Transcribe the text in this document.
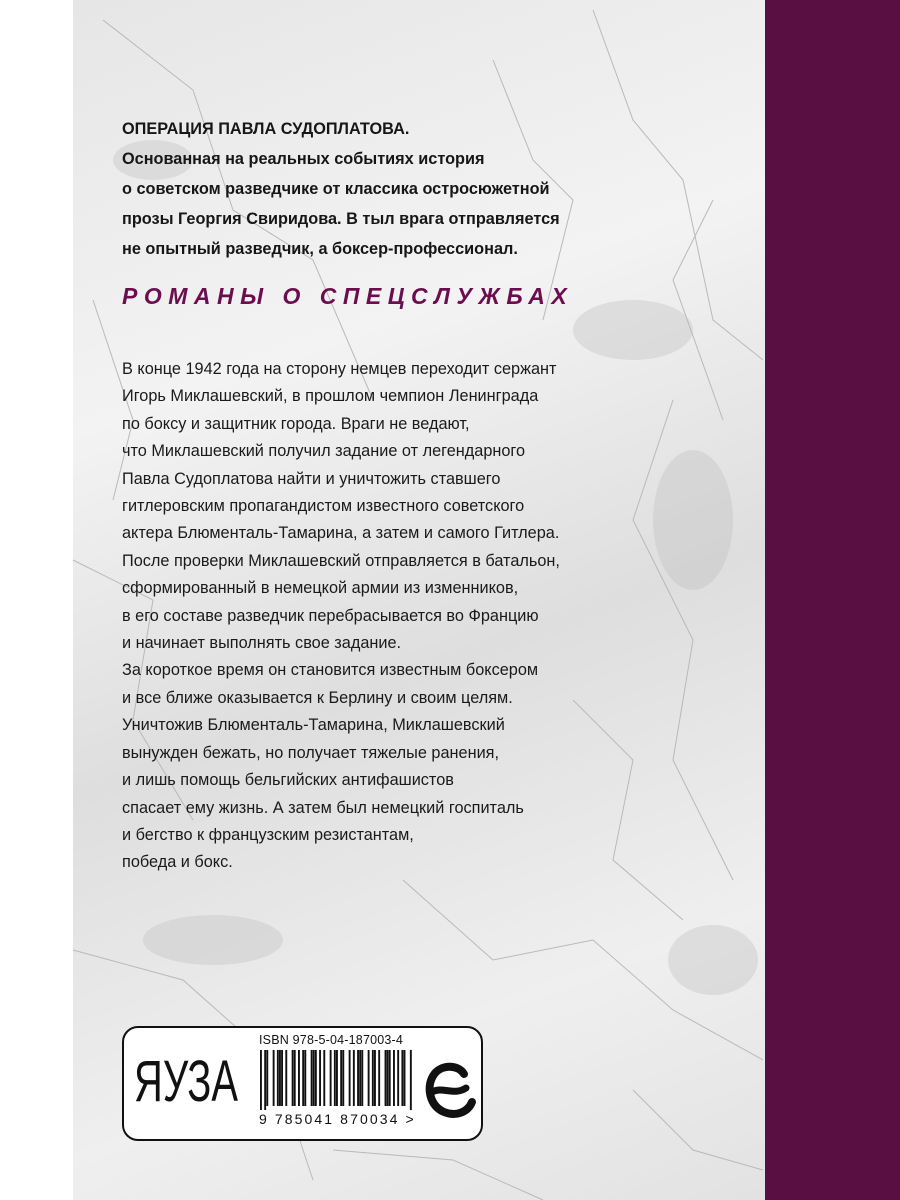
ОПЕРАЦИЯ ПАВЛА СУДОПЛАТОВА.
Основанная на реальных событиях история
о советском разведчике от классика остросюжетной
прозы Георгия Свиридова. В тыл врага отправляется
не опытный разведчик, а боксер-профессионал.
РОМАНЫ О СПЕЦСЛУЖБАХ
В конце 1942 года на сторону немцев переходит сержант
Игорь Миклашевский, в прошлом чемпион Ленинграда
по боксу и защитник города. Враги не ведают,
что Миклашевский получил задание от легендарного
Павла Судоплатова найти и уничтожить ставшего
гитлеровским пропагандистом известного советского
актера Блюменталь-Тамарина, а затем и самого Гитлера.
После проверки Миклашевский отправляется в батальон,
сформированный в немецкой армии из изменников,
в его составе разведчик перебрасывается во Францию
и начинает выполнять свое задание.
За короткое время он становится известным боксером
и все ближе оказывается к Берлину и своим целям.
Уничтожив Блюменталь-Тамарина, Миклашевский
вынужден бежать, но получает тяжелые ранения,
и лишь помощь бельгийских антифашистов
спасает ему жизнь. А затем был немецкий госпиталь
и бегство к французским резистантам,
победа и бокс.
ЯУЗА
ISBN 978-5-04-187003-4
9 785041 870034 >
